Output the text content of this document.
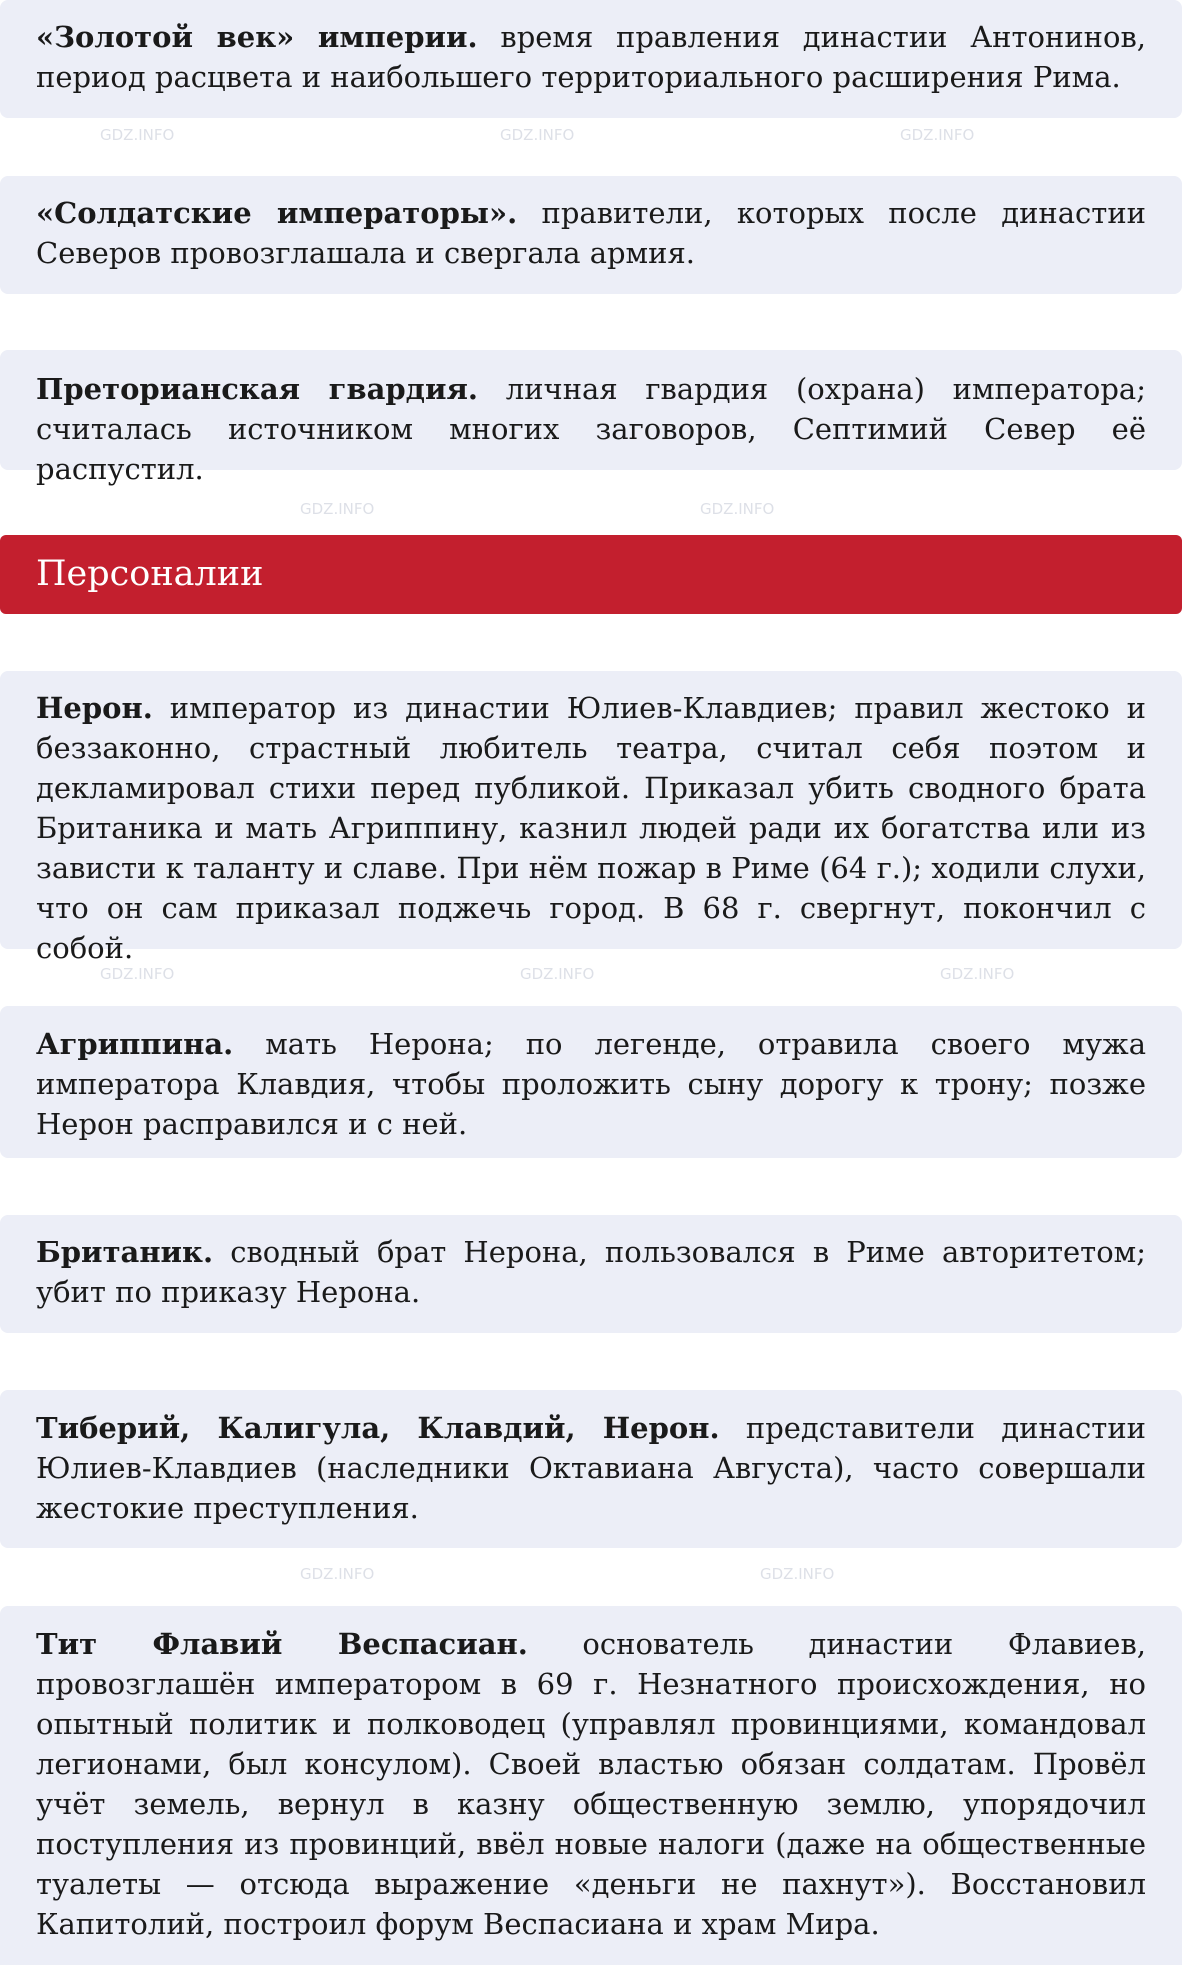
«Золотой век» империи. время правления династии Антонинов, период расцвета и наибольшего территориального расширения Рима.
«Солдатские императоры». правители, которых после династии Северов провозглашала и свергала армия.
Преторианская гвардия. личная гвардия (охрана) императора; считалась источником многих заговоров, Септимий Север её распустил.
Персоналии
Нерон. император из династии Юлиев-Клавдиев; правил жестоко и беззаконно, страстный любитель театра, считал себя поэтом и декламировал стихи перед публикой. Приказал убить сводного брата Британика и мать Агриппину, казнил людей ради их богатства или из зависти к таланту и славе. При нём пожар в Риме (64 г.); ходили слухи, что он сам приказал поджечь город. В 68 г. свергнут, покончил с собой.
Агриппина. мать Нерона; по легенде, отравила своего мужа императора Клавдия, чтобы проложить сыну дорогу к трону; позже Нерон расправился и с ней.
Британик. сводный брат Нерона, пользовался в Риме авторитетом; убит по приказу Нерона.
Тиберий, Калигула, Клавдий, Нерон. представители династии Юлиев-Клавдиев (наследники Октавиана Августа), часто совершали жестокие преступления.
Тит Флавий Веспасиан. основатель династии Флавиев, провозглашён императором в 69 г. Незнатного происхождения, но опытный политик и полководец (управлял провинциями, командовал легионами, был консулом). Своей властью обязан солдатам. Провёл учёт земель, вернул в казну общественную землю, упорядочил поступления из провинций, ввёл новые налоги (даже на общественные туалеты — отсюда выражение «деньги не пахнут»). Восстановил Капитолий, построил форум Веспасиана и храм Мира.
GDZ.INFO	GDZ.INFO	GDZ.INFO
GDZ.INFO	GDZ.INFO
GDZ.INFO	GDZ.INFO	GDZ.INFO
GDZ.INFO	GDZ.INFO
